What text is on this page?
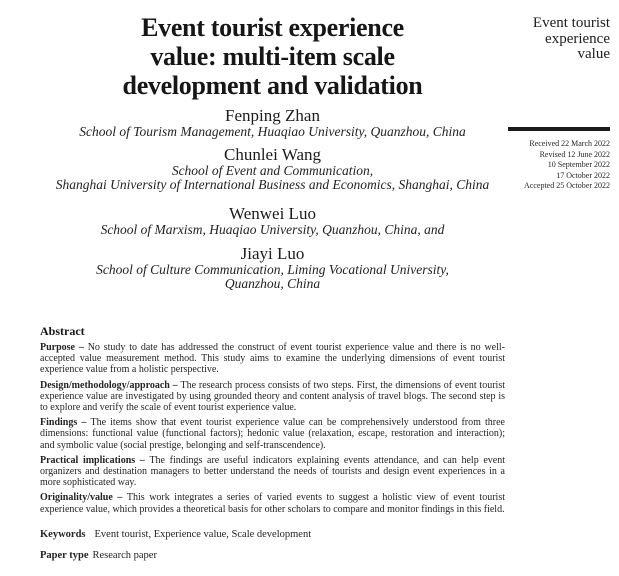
Event tourist experience
value: multi-item scale
development and validation
Fenping Zhan
School of Tourism Management, Huaqiao University, Quanzhou, China
Chunlei Wang
School of Event and Communication,
Shanghai University of International Business and Economics, Shanghai, China
Wenwei Luo
School of Marxism, Huaqiao University, Quanzhou, China, and
Jiayi Luo
School of Culture Communication, Liming Vocational University,
Quanzhou, China
Abstract

Purpose – No study to date has addressed the construct of event tourist experience value and there is no well-accepted value measurement method. This study aims to examine the underlying dimensions of event tourist experience value from a holistic perspective.

Design/methodology/approach – The research process consists of two steps. First, the dimensions of event tourist experience value are investigated by using grounded theory and content analysis of travel blogs. The second step is to explore and verify the scale of event tourist experience value.

Findings – The items show that event tourist experience value can be comprehensively understood from three dimensions: functional value (functional factors); hedonic value (relaxation, escape, restoration and interaction); and symbolic value (social prestige, belonging and self-transcendence).

Practical implications – The findings are useful indicators explaining events attendance, and can help event organizers and destination managers to better understand the needs of tourists and design event experiences in a more sophisticated way.

Originality/value – This work integrates a series of varied events to suggest a holistic view of event tourist experience value, which provides a theoretical basis for other scholars to compare and monitor findings in this field.

Keywords Event tourist, Experience value, Scale development
Paper type Research paper
Event tourist
experience
value
Received 22 March 2022
Revised 12 June 2022
10 September 2022
17 October 2022
Accepted 25 October 2022
